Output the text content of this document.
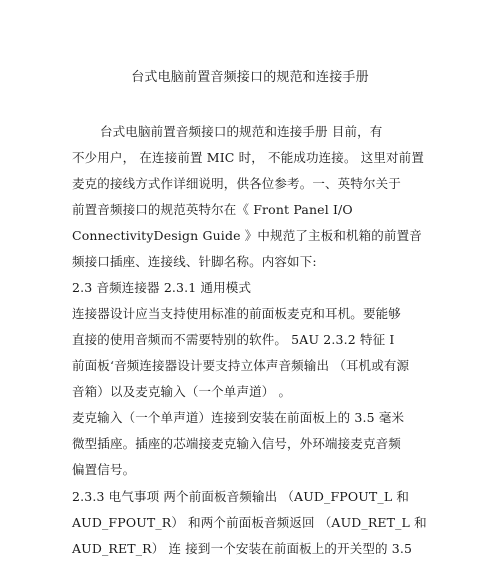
台式电脑前置音频接口的规范和连接手册
台式电脑前置音频接口的规范和连接手册 目前，有
不少用户， 在连接前置 MIC 时， 不能成功连接。 这里对前置
麦克的接线方式作详细说明，供各位参考。一、英特尔关于
前置音频接口的规范英特尔在《 Front Panel I/O
ConnectivityDesign Guide 》中规范了主板和机箱的前置音
频接口插座、连接线、针脚名称。内容如下:
2.3 音频连接器 2.3.1 通用模式
连接器设计应当支持使用标准的前面板麦克和耳机。要能够
直接的使用音频而不需要特别的软件。 5AU 2.3.2 特征 I
前面板‘音频连接器设计要支持立体声音频输出 （耳机或有源
音箱）以及麦克输入（一个单声道） 。
麦克输入（一个单声道）连接到安装在前面板上的 3.5 毫米
微型插座。插座的芯端接麦克输入信号，外环端接麦克音频
偏置信号。
2.3.3 电气事项 两个前面板音频输出 （AUD_FPOUT_L 和
AUD_FPOUT_R） 和两个前面板音频返回 （AUD_RET_L 和
AUD_RET_R） 连 接到一个安装在前面板上的开关型的 3.5
